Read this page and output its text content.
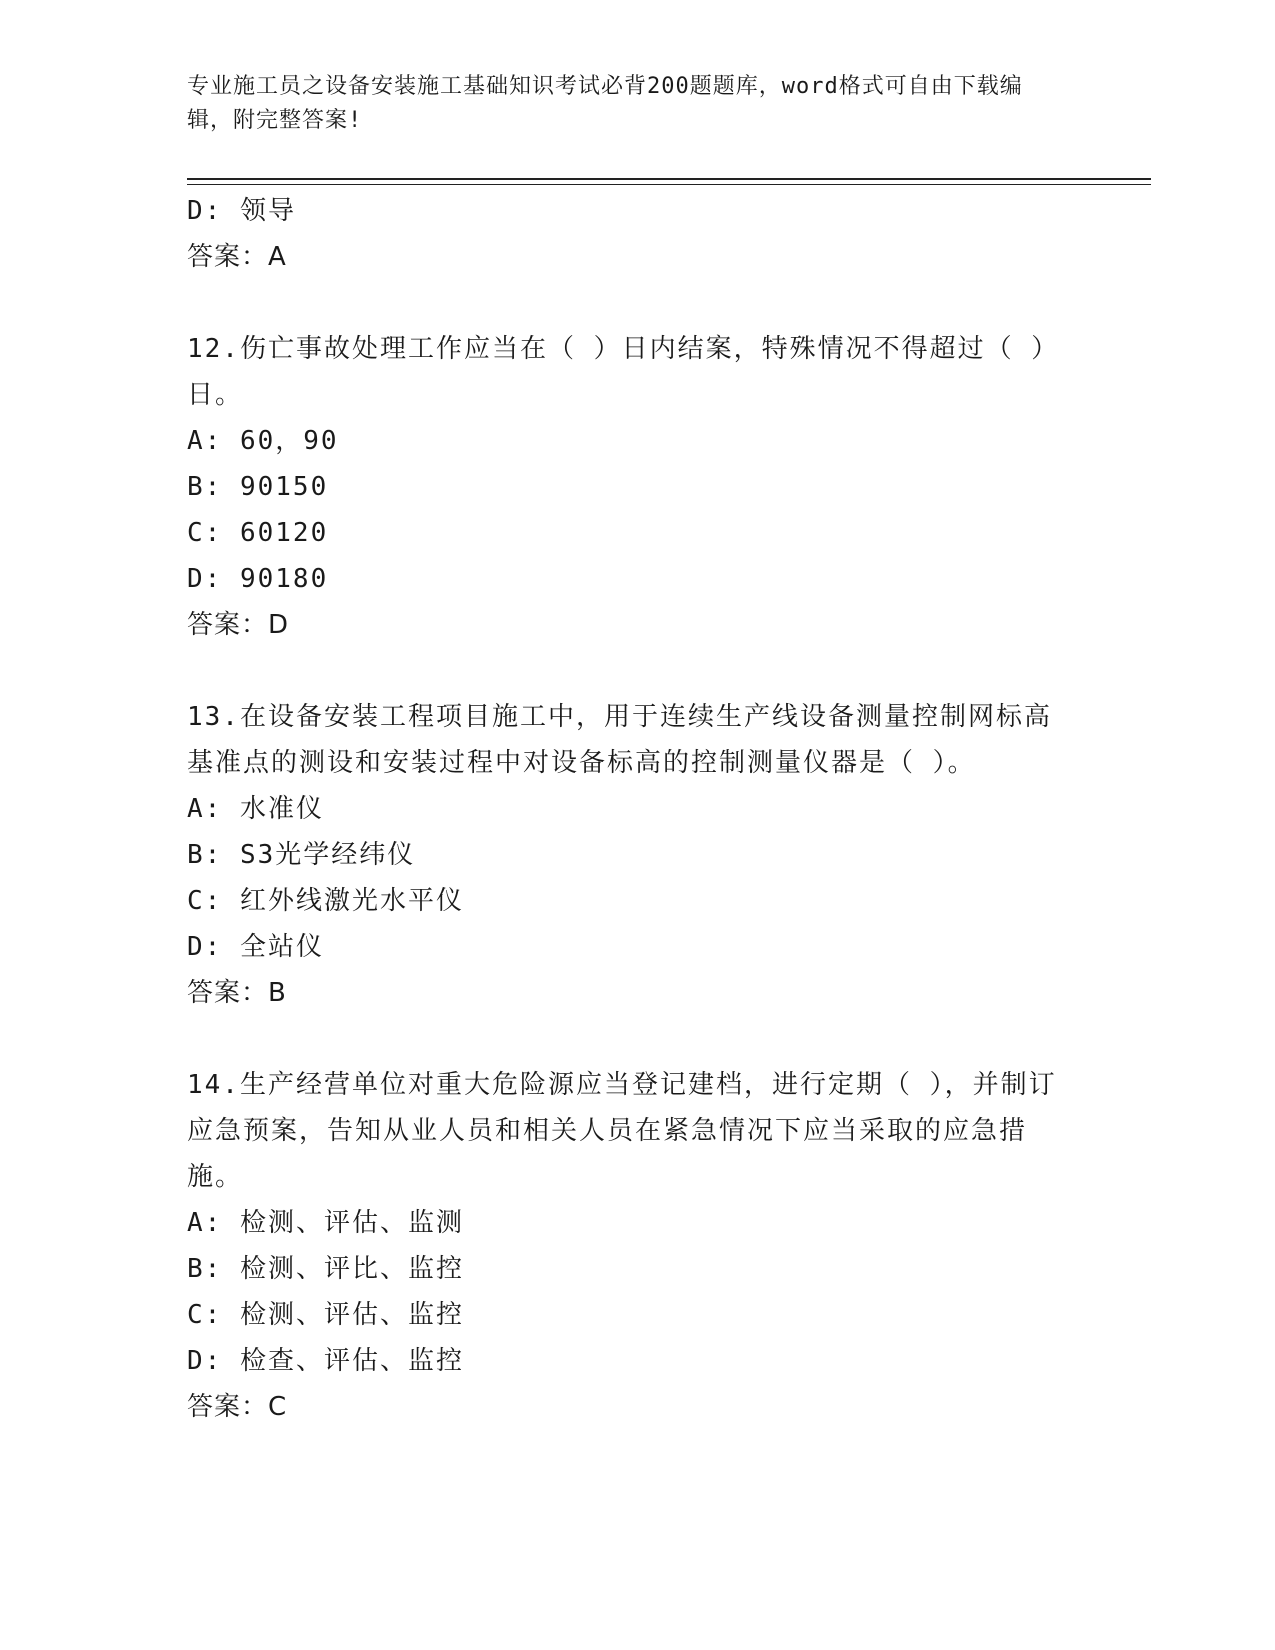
专业施工员之设备安装施工基础知识考试必背200题题库，word格式可自由下载编辑，附完整答案!
D: 领导
答案：A
12.伤亡事故处理工作应当在（ ）日内结案，特殊情况不得超过（ ）日。
A: 60，90
B: 90150
C: 60120
D: 90180
答案：D
13.在设备安装工程项目施工中，用于连续生产线设备测量控制网标高基准点的测设和安装过程中对设备标高的控制测量仪器是（ ）。
A: 水准仪
B: S3光学经纬仪
C: 红外线激光水平仪
D: 全站仪
答案：B
14.生产经营单位对重大危险源应当登记建档，进行定期（ ），并制订应急预案，告知从业人员和相关人员在紧急情况下应当采取的应急措施。
A: 检测、评估、监测
B: 检测、评比、监控
C: 检测、评估、监控
D: 检查、评估、监控
答案：C
